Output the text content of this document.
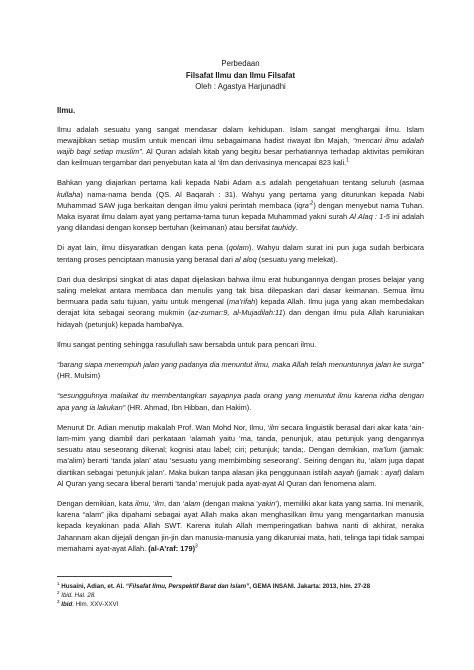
Perbedaan
Filsafat Ilmu dan Ilmu Filsafat
Oleh : Agastya Harjunadhi
Ilmu.

Ilmu adalah sesuatu yang sangat mendasar dalam kehidupan. Islam sangat menghargai ilmu. Islam mewajibkan setiap muslim untuk mencari ilmu sebagaimana hadist riwayat Ibn Majah, “mencari ilmu adalah wajib bagi setiap muslim”. Al Quran adalah kitab yang begitu besar perhatiannya terhadap aktivitas pemikiran dan keilmuan tergambar dari penyebutan kata al ‘ilm dan derivasinya mencapai 823 kali.$^1$

Bahkan yang diajarkan pertama kali kepada Nabi Adam a.s adalah pengetahuan tentang seluruh (asmaa kullaha) nama-nama benda (QS. Al Baqarah : 31). Wahyu yang pertama yang diturunkan kepada Nabi Muhammad SAW juga berkaitan dengan ilmu yakni perintah membaca (iqra’$^2$) dengan menyebut nama Tuhan. Maka isyarat ilmu dalam ayat yang pertama-tama turun kepada Muhammad yakni surah Al Alaq : 1-5 ini adalah yang dilandasi dengan konsep bertuhan (keimanan) atau bersifat tauhidy.

Di ayat lain, ilmu diisyaratkan dengan kata pena (qolam). Wahyu dalam surat ini pun juga sudah berbicara tentang proses penciptaan manusia yang berasal dari al aloq (sesuatu yang melekat).

Dari dua deskripsi singkat di atas dapat dijelaskan bahwa ilmu erat hubungannya dengan proses belajar yang saling melekat antara membaca dan menulis yang tak bisa dilepaskan dari dasar keimanan. Semua ilmu bermuara pada satu tujuan, yaitu untuk mengenal (ma’rifah) kepada Allah. Ilmu juga yang akan membedakan derajat kita sebagai seorang mukmin (az-zumar:9, al-Mujadilah:11) dan dengan ilmu pula Allah karuniakan hidayah (petunjuk) kepada hambaNya.

Ilmu sangat penting sehingga rasulullah saw bersabda untuk para pencari ilmu.

“barang siapa menempuh jalan yang padanya dia menuntut ilmu, maka Allah telah menuntunnya jalan ke surga” (HR. Mulsim)

“sesungguhnya malaikat itu membentangkan sayapnya pada orang yang menuntut ilmu karena ridha dengan apa yang ia lakukan” (HR. Ahmad, Ibn Hibban, dan Hakim).

Menurut Dr. Adian menutip makalah Prof. Wan Mohd Nor, Ilmu, ‘ilm secara linguistik berasal dari akar kata ‘ain-lam-mim yang diambil dari perkataan ‘alamah yaitu ‘ma, tanda, penunjuk, atau petunjuk yang dengannya sesuatu atau seseorang dikenal; kognisi atau label; ciri; petunjuk; tanda;. Dengan demikian, ma’lum (jamak: ma’alim) berarti ‘tanda jalan’ atau ‘sesuatu yang membimbing seseorang’. Seiring dengan itu, ‘alam juga dapat diartikan sebagai ‘petunjuk jalan’. Maka bukan tanpa alasan jika penggunaan istilah aayah (jamak : ayat) dalam Al Quran yang secara liberal berarti ‘tanda’ merujuk pada ayat-ayat Al Quran dan fenomena alam.

Dengan demikian, kata ilmu, ‘ilm, dan ‘alam (dengan makna ‘yakin’), memiliki akar kata yang sama. Ini menarik, karena “alam” jika dipahami sebagai ayat Allah maka akan menghasilkan ilmu yang mengantarkan manusia kepada keyakinan pada Allah SWT. Karena itulah Allah memperingatkan bahwa nanti di akhirat, neraka Jahannam akan dijejali dengan jin-jin dan manusia-manusia yang dikaruniai mata, hati, telinga tapi tidak sampai memahami ayat-ayat Allah. (al-A’raf: 179)$^3$

$^1$ Husaini, Adian, et. Al. “Filsafat Ilmu, Perspektif Barat dan Islam”, GEMA INSANI. Jakarta: 2013, hlm. 27-28
$^2$ Ibid. Hal. 28.
$^3$ Ibid. Hlm. XXV-XXVI
